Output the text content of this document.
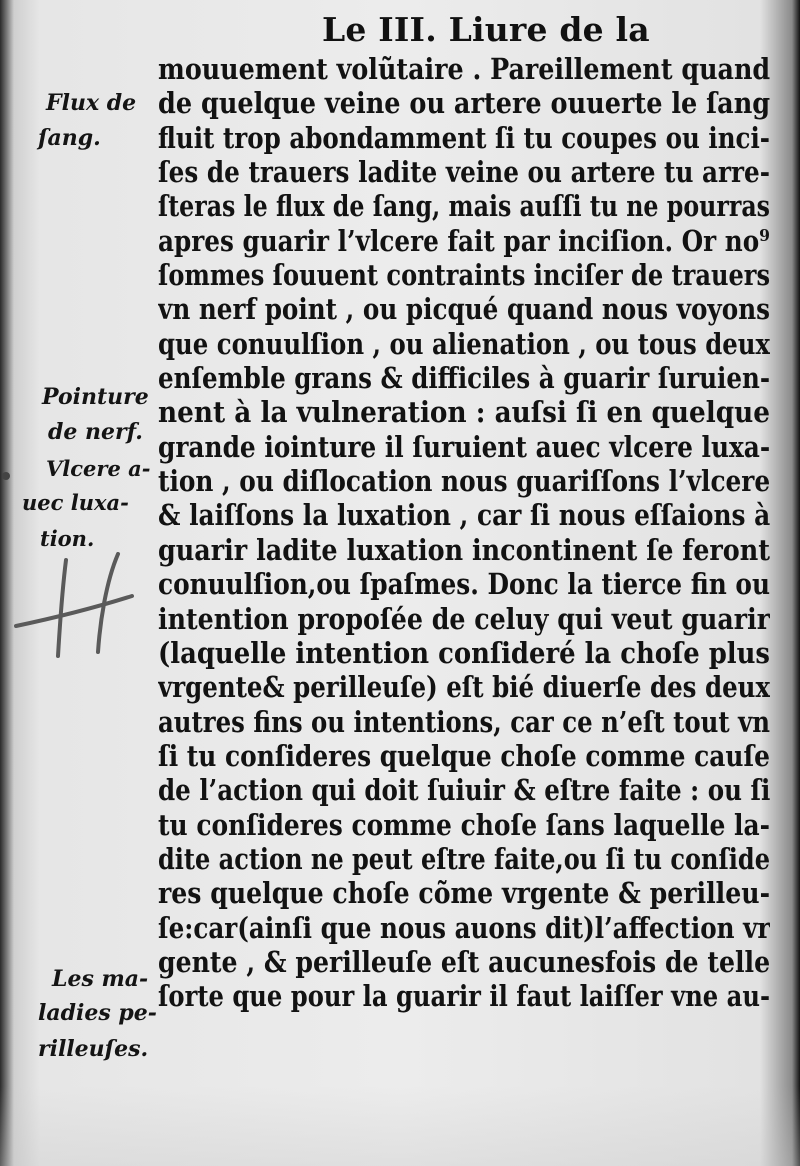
Le III. Liure de la
mouuement volũtaire . Pareillement quand
de quelque veine ou artere ouuerte le ſang
fluit trop abondamment ſi tu coupes ou inci-
ſes de trauers ladite veine ou artere tu arre-
ſteras le flux de ſang, mais auſſi tu ne pourras
apres guarir l’vlcere fait par inciſion. Or no⁹
ſommes ſouuent contraints inciſer de trauers
vn nerf point , ou picqué quand nous voyons
que conuulſion , ou alienation , ou tous deux
enſemble grans & difficiles à guarir ſuruien-
nent à la vulneration : auſsi ſi en quelque
grande iointure il ſuruient auec vlcere luxa-
tion , ou diſlocation nous guariſſons l’vlcere
& laiſſons la luxation , car ſi nous eſſaions à
guarir ladite luxation incontinent ſe feront
conuulſion,ou ſpaſmes. Donc la tierce fin ou
intention propoſée de celuy qui veut guarir
(laquelle intention conſideré la choſe plus
vrgente& perilleuſe) eſt bié diuerſe des deux
autres fins ou intentions, car ce n’eſt tout vn
ſi tu conſideres quelque choſe comme cauſe
de l’action qui doit ſuiuir & eſtre faite : ou ſi
tu conſideres comme choſe ſans laquelle la-
dite action ne peut eſtre faite,ou ſi tu conſide
res quelque choſe cõme vrgente & perilleu-
ſe:car(ainſi que nous auons dit)l’affection vr
gente , & perilleuſe eſt aucunesfois de telle
ſorte que pour la guarir il faut laiſſer vne au-
Flux de
ſang.
Pointure
de nerf.
Vlcere a-
uec luxa-
tion.
Les ma-
ladies pe-
rilleuſes.
